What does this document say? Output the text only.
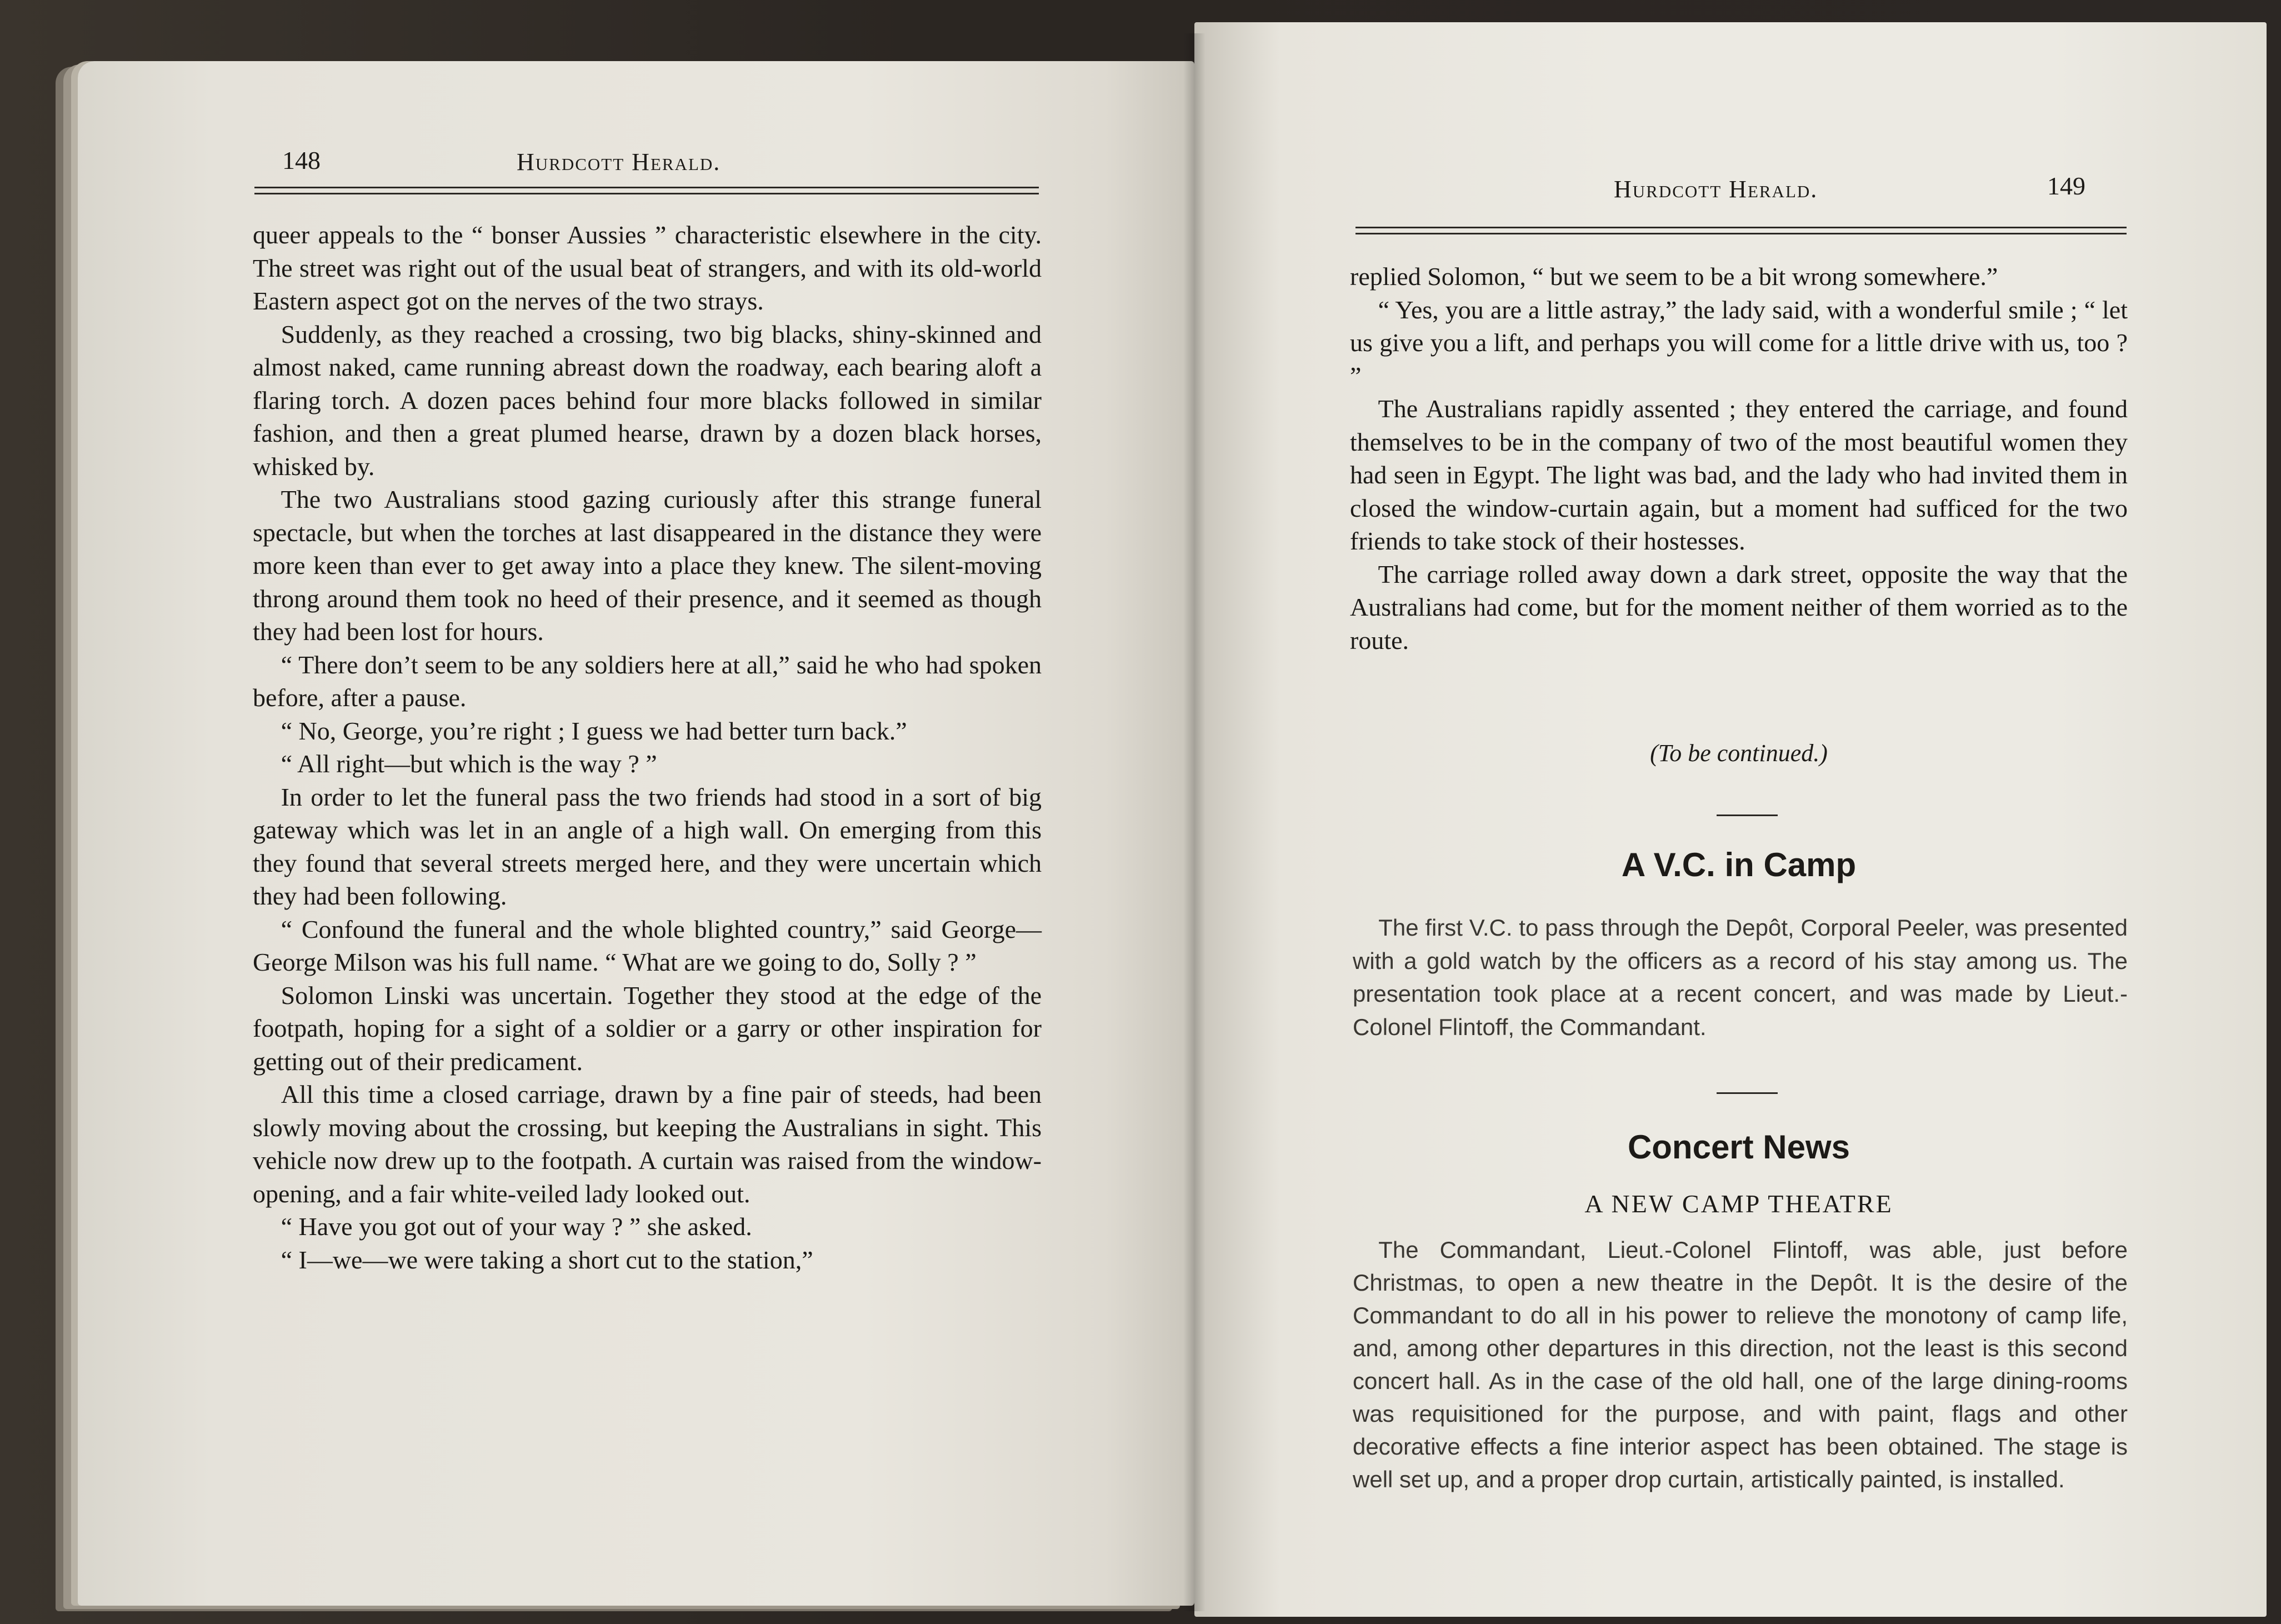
148	Hurdcott Herald.

queer appeals to the “ bonser Aussies ” characteristic elsewhere in the city. The street was right out of the usual beat of strangers, and with its old-world Eastern aspect got on the nerves of the two strays.

Suddenly, as they reached a crossing, two big blacks, shiny-skinned and almost naked, came running abreast down the roadway, each bearing aloft a flaring torch. A dozen paces behind four more blacks followed in similar fashion, and then a great plumed hearse, drawn by a dozen black horses, whisked by.

The two Australians stood gazing curiously after this strange funeral spectacle, but when the torches at last disappeared in the distance they were more keen than ever to get away into a place they knew. The silent-moving throng around them took no heed of their presence, and it seemed as though they had been lost for hours.

“ There don’t seem to be any soldiers here at all,” said he who had spoken before, after a pause.

“ No, George, you’re right ; I guess we had better turn back.”

“ All right—but which is the way ? ”

In order to let the funeral pass the two friends had stood in a sort of big gateway which was let in an angle of a high wall. On emerging from this they found that several streets merged here, and they were uncertain which they had been following.

“ Confound the funeral and the whole blighted country,” said George—George Milson was his full name. “ What are we going to do, Solly ? ”

Solomon Linski was uncertain. Together they stood at the edge of the footpath, hoping for a sight of a soldier or a garry or other inspiration for getting out of their predicament.

All this time a closed carriage, drawn by a fine pair of steeds, had been slowly moving about the crossing, but keeping the Australians in sight. This vehicle now drew up to the footpath. A curtain was raised from the window-opening, and a fair white-veiled lady looked out.

“ Have you got out of your way ? ” she asked.

“ I—we—we were taking a short cut to the station,”

Hurdcott Herald.	149

replied Solomon, “ but we seem to be a bit wrong somewhere.”

“ Yes, you are a little astray,” the lady said, with a wonderful smile ; “ let us give you a lift, and perhaps you will come for a little drive with us, too ? ”

The Australians rapidly assented ; they entered the carriage, and found themselves to be in the company of two of the most beautiful women they had seen in Egypt. The light was bad, and the lady who had invited them in closed the window-curtain again, but a moment had sufficed for the two friends to take stock of their hostesses.

The carriage rolled away down a dark street, opposite the way that the Australians had come, but for the moment neither of them worried as to the route.

(To be continued.)
A V.C. in Camp

The first V.C. to pass through the Depôt, Corporal Peeler, was presented with a gold watch by the officers as a record of his stay among us. The presentation took place at a recent concert, and was made by Lieut.-Colonel Flintoff, the Commandant.

Concert News
A NEW CAMP THEATRE

The Commandant, Lieut.-Colonel Flintoff, was able, just before Christmas, to open a new theatre in the Depôt. It is the desire of the Commandant to do all in his power to relieve the monotony of camp life, and, among other departures in this direction, not the least is this second concert hall. As in the case of the old hall, one of the large dining-rooms was requisitioned for the purpose, and with paint, flags and other decorative effects a fine interior aspect has been obtained. The stage is well set up, and a proper drop curtain, artistically painted, is installed.
